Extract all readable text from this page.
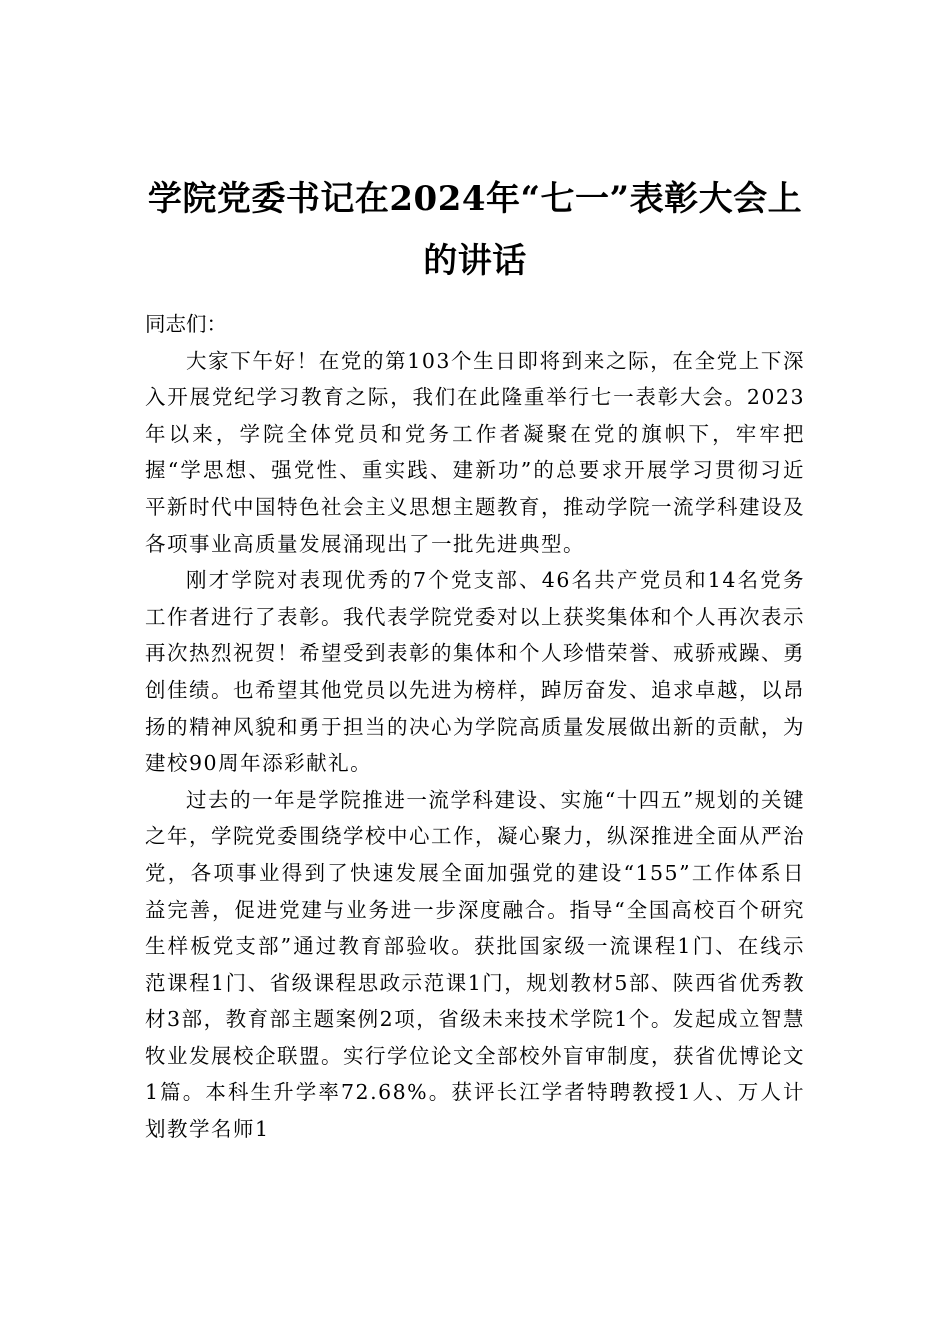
学院党委书记在2024年“七一”表彰大会上的讲话

同志们：

大家下午好！在党的第103个生日即将到来之际，在全党上下深入开展党纪学习教育之际，我们在此隆重举行七一表彰大会。2023年以来，学院全体党员和党务工作者凝聚在党的旗帜下，牢牢把握“学思想、强党性、重实践、建新功”的总要求开展学习贯彻习近平新时代中国特色社会主义思想主题教育，推动学院一流学科建设及各项事业高质量发展涌现出了一批先进典型。

刚才学院对表现优秀的7个党支部、46名共产党员和14名党务工作者进行了表彰。我代表学院党委对以上获奖集体和个人再次表示再次热烈祝贺！希望受到表彰的集体和个人珍惜荣誉、戒骄戒躁、勇创佳绩。也希望其他党员以先进为榜样，踔厉奋发、追求卓越，以昂扬的精神风貌和勇于担当的决心为学院高质量发展做出新的贡献，为建校90周年添彩献礼。

过去的一年是学院推进一流学科建设、实施“十四五”规划的关键之年，学院党委围绕学校中心工作，凝心聚力，纵深推进全面从严治党，各项事业得到了快速发展全面加强党的建设“155”工作体系日益完善，促进党建与业务进一步深度融合。指导“全国高校百个研究生样板党支部”通过教育部验收。获批国家级一流课程1门、在线示范课程1门、省级课程思政示范课1门，规划教材5部、陕西省优秀教材3部，教育部主题案例2项，省级未来技术学院1个。发起成立智慧牧业发展校企联盟。实行学位论文全部校外盲审制度，获省优博论文1篇。本科生升学率72.68%。获评长江学者特聘教授1人、万人计划教学名师1
